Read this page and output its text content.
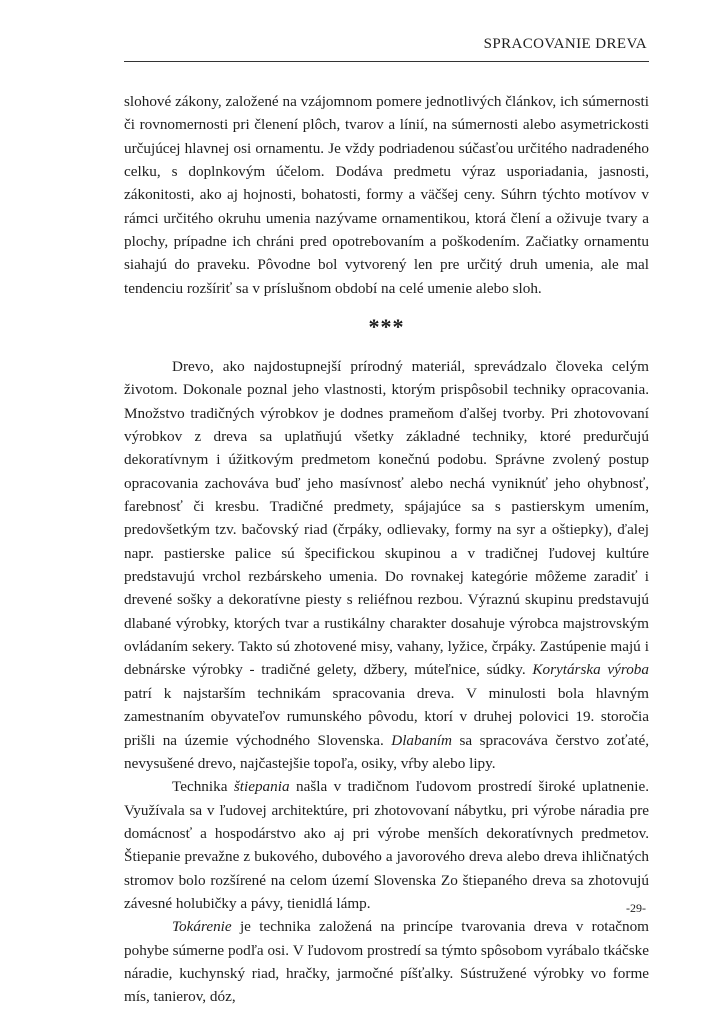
SPRACOVANIE DREVA

slohové zákony, založené na vzájomnom pomere jednotlivých článkov, ich súmernosti či rovnomernosti pri členení plôch, tvarov a línií, na súmernosti alebo asymetrickosti určujúcej hlavnej osi ornamentu. Je vždy podriadenou súčasťou určitého nadradeného celku, s doplnkovým účelom. Dodáva predmetu výraz usporiadania, jasnosti, zákonitosti, ako aj hojnosti, bohatosti, formy a väčšej ceny. Súhrn týchto motívov v rámci určitého okruhu umenia nazývame ornamentikou, ktorá člení a oživuje tvary a plochy, prípadne ich chráni pred opotrebovaním a poškodením. Začiatky ornamentu siahajú do praveku. Pôvodne bol vytvorený len pre určitý druh umenia, ale mal tendenciu rozšíriť sa v príslušnom období na celé umenie alebo sloh.

***

Drevo, ako najdostupnejší prírodný materiál, sprevádzalo človeka celým životom. Dokonale poznal jeho vlastnosti, ktorým prispôsobil techniky opracovania. Množstvo tradičných výrobkov je dodnes prameňom ďalšej tvorby. Pri zhotovovaní výrobkov z dreva sa uplatňujú všetky základné techniky, ktoré predurčujú dekoratívnym i úžitkovým predmetom konečnú podobu. Správne zvolený postup opracovania zachováva buď jeho masívnosť alebo nechá vyniknúť jeho ohybnosť, farebnosť či kresbu. Tradičné predmety, spájajúce sa s pastierskym umením, predovšetkým tzv. bačovský riad (črpáky, odlievaky, formy na syr a oštiepky), ďalej napr. pastierske palice sú špecifickou skupinou a v tradičnej ľudovej kultúre predstavujú vrchol rezbárskeho umenia. Do rovnakej kategórie môžeme zaradiť i drevené sošky a dekoratívne piesty s reliéfnou rezbou. Výraznú skupinu predstavujú dlabané výrobky, ktorých tvar a rustikálny charakter dosahuje výrobca majstrovským ovládaním sekery. Takto sú zhotovené misy, vahany, lyžice, črpáky. Zastúpenie majú i debnárske výrobky - tradičné gelety, džbery, múteľnice, súdky. Korytárska výroba patrí k najstarším technikám spracovania dreva. V minulosti bola hlavným zamestnaním obyvateľov rumunského pôvodu, ktorí v druhej polovici 19. storočia prišli na územie východného Slovenska. Dlabaním sa spracováva čerstvo zoťaté, nevysušené drevo, najčastejšie topoľa, osiky, vŕby alebo lipy.

Technika štiepania našla v tradičnom ľudovom prostredí široké uplatnenie. Využívala sa v ľudovej architektúre, pri zhotovovaní nábytku, pri výrobe náradia pre domácnosť a hospodárstvo ako aj pri výrobe menších dekoratívnych predmetov. Štiepanie prevažne z bukového, dubového a javorového dreva alebo dreva ihličnatých stromov bolo rozšírené na celom území Slovenska Zo štiepaného dreva sa zhotovujú závesné holubičky a pávy, tienidlá lámp.

Tokárenie je technika založená na princípe tvarovania dreva v rotačnom pohybe súmerne podľa osi. V ľudovom prostredí sa týmto spôsobom vyrábalo tkáčske náradie, kuchynský riad, hračky, jarmočné píšťalky. Sústružené výrobky vo forme mís, tanierov, dóz,

-29-
